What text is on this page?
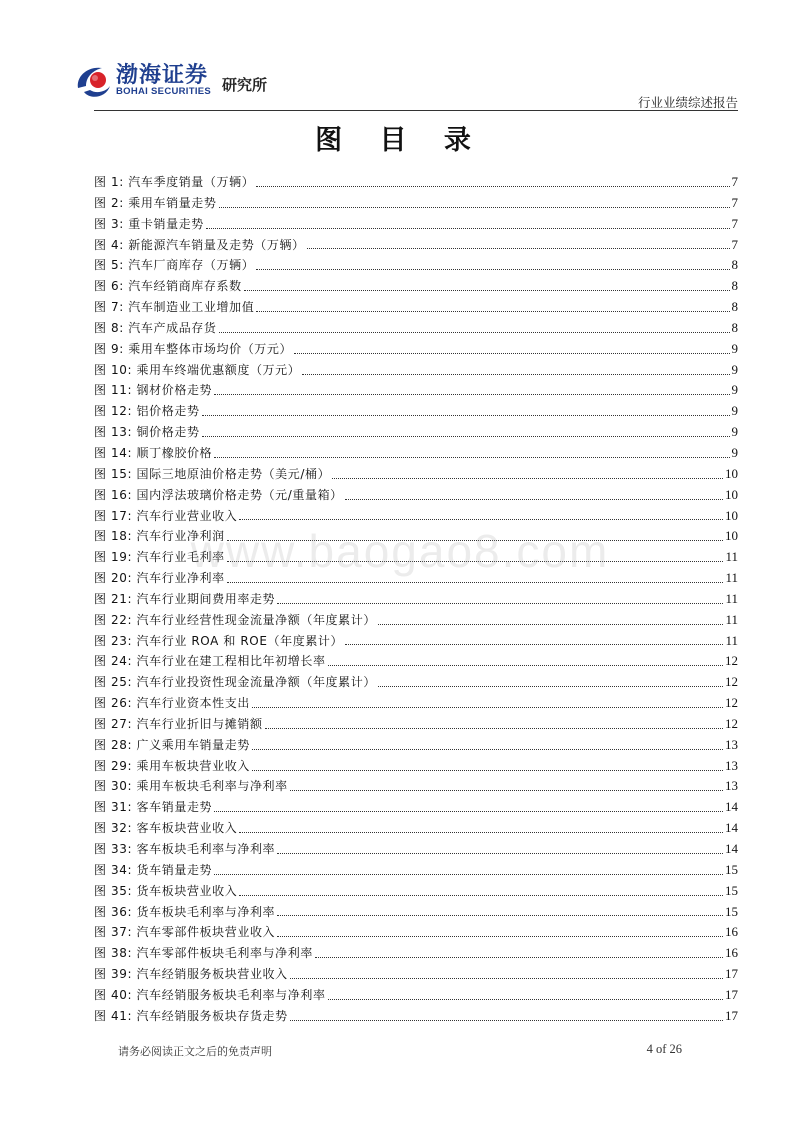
渤海证券
BOHAI SECURITIES 研究所
行业业绩综述报告
图 目 录
图 1: 汽车季度销量（万辆）	7
图 2: 乘用车销量走势	7
图 3: 重卡销量走势	7
图 4: 新能源汽车销量及走势（万辆）	7
图 5: 汽车厂商库存（万辆）	8
图 6: 汽车经销商库存系数	8
图 7: 汽车制造业工业增加值	8
图 8: 汽车产成品存货	8
图 9: 乘用车整体市场均价（万元）	9
图 10: 乘用车终端优惠额度（万元）	9
图 11: 钢材价格走势	9
图 12: 铝价格走势	9
图 13: 铜价格走势	9
图 14: 顺丁橡胶价格	9
图 15: 国际三地原油价格走势（美元/桶）	10
图 16: 国内浮法玻璃价格走势（元/重量箱）	10
图 17: 汽车行业营业收入	10
图 18: 汽车行业净利润	10
图 19: 汽车行业毛利率	11
图 20: 汽车行业净利率	11
图 21: 汽车行业期间费用率走势	11
图 22: 汽车行业经营性现金流量净额（年度累计）	11
图 23: 汽车行业 ROA 和 ROE（年度累计）	11
图 24: 汽车行业在建工程相比年初增长率	12
图 25: 汽车行业投资性现金流量净额（年度累计）	12
图 26: 汽车行业资本性支出	12
图 27: 汽车行业折旧与摊销额	12
图 28: 广义乘用车销量走势	13
图 29: 乘用车板块营业收入	13
图 30: 乘用车板块毛利率与净利率	13
图 31: 客车销量走势	14
图 32: 客车板块营业收入	14
图 33: 客车板块毛利率与净利率	14
图 34: 货车销量走势	15
图 35: 货车板块营业收入	15
图 36: 货车板块毛利率与净利率	15
图 37: 汽车零部件板块营业收入	16
图 38: 汽车零部件板块毛利率与净利率	16
图 39: 汽车经销服务板块营业收入	17
图 40: 汽车经销服务板块毛利率与净利率	17
图 41: 汽车经销服务板块存货走势	17
www.baogao8.com
请务必阅读正文之后的免责声明	4 of 26
